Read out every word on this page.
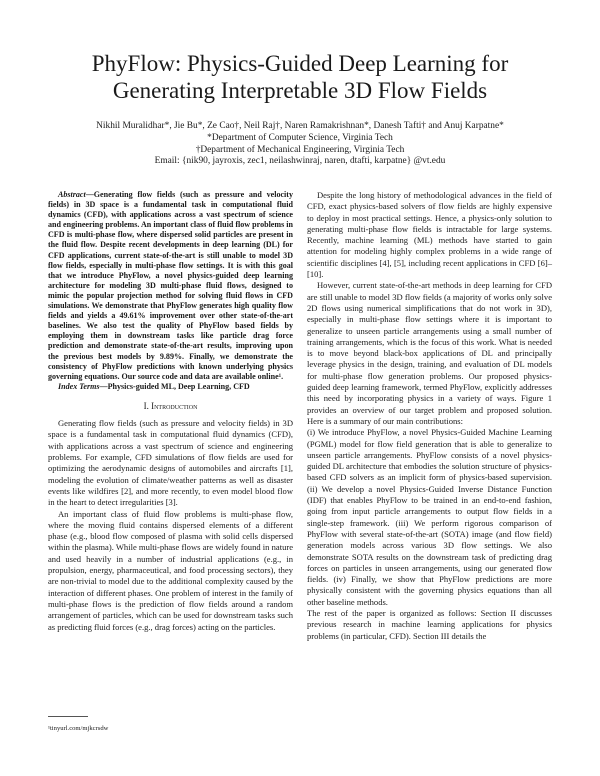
PhyFlow: Physics-Guided Deep Learning for
Generating Interpretable 3D Flow Fields
Nikhil Muralidhar*, Jie Bu*, Ze Cao†, Neil Raj†, Naren Ramakrishnan*, Danesh Tafti† and Anuj Karpatne*
*Department of Computer Science, Virginia Tech
†Department of Mechanical Engineering, Virginia Tech
Email: {nik90, jayroxis, zec1, neilashwinraj, naren, dtafti, karpatne} @vt.edu

Abstract—Generating flow fields (such as pressure and velocity fields) in 3D space is a fundamental task in computational fluid dynamics (CFD), with applications across a vast spectrum of science and engineering problems. An important class of fluid flow problems in CFD is multi-phase flow, where dispersed solid particles are present in the fluid flow. Despite recent developments in deep learning (DL) for CFD applications, current state-of-the-art is still unable to model 3D flow fields, especially in multi-phase flow settings. It is with this goal that we introduce PhyFlow, a novel physics-guided deep learning architecture for modeling 3D multi-phase fluid flows, designed to mimic the popular projection method for solving fluid flows in CFD simulations. We demonstrate that PhyFlow generates high quality flow fields and yields a 49.61% improvement over other state-of-the-art baselines. We also test the quality of PhyFlow based fields by employing them in downstream tasks like particle drag force prediction and demonstrate state-of-the-art results, improving upon the previous best models by 9.89%. Finally, we demonstrate the consistency of PhyFlow predictions with known underlying physics governing equations. Our source code and data are available online¹.

Index Terms—Physics-guided ML, Deep Learning, CFD

I. Introduction

Generating flow fields (such as pressure and velocity fields) in 3D space is a fundamental task in computational fluid dynamics (CFD), with applications across a vast spectrum of science and engineering problems. For example, CFD simulations of flow fields are used for optimizing the aerodynamic designs of automobiles and aircrafts [1], modeling the evolution of climate/weather patterns as well as disaster events like wildfires [2], and more recently, to even model blood flow in the heart to detect irregularities [3].

An important class of fluid flow problems is multi-phase flow, where the moving fluid contains dispersed elements of a different phase (e.g., blood flow composed of plasma with solid cells dispersed within the plasma). While multi-phase flows are widely found in nature and used heavily in a number of industrial applications (e.g., in propulsion, energy, pharmaceutical, and food processing sectors), they are non-trivial to model due to the additional complexity caused by the interaction of different phases. One problem of interest in the family of multi-phase flows is the prediction of flow fields around a random arrangement of particles, which can be used for downstream tasks such as predicting fluid forces (e.g., drag forces) acting on the particles.

¹tinyurl.com/mjkcrsdw

Despite the long history of methodological advances in the field of CFD, exact physics-based solvers of flow fields are highly expensive to deploy in most practical settings. Hence, a physics-only solution to generating multi-phase flow fields is intractable for large systems. Recently, machine learning (ML) methods have started to gain attention for modeling highly complex problems in a wide range of scientific disciplines [4], [5], including recent applications in CFD [6]–[10].

However, current state-of-the-art methods in deep learning for CFD are still unable to model 3D flow fields (a majority of works only solve 2D flows using numerical simplifications that do not work in 3D), especially in multi-phase flow settings where it is important to generalize to unseen particle arrangements using a small number of training arrangements, which is the focus of this work. What is needed is to move beyond black-box applications of DL and principally leverage physics in the design, training, and evaluation of DL models for multi-phase flow generation problems. Our proposed physics-guided deep learning framework, termed PhyFlow, explicitly addresses this need by incorporating physics in a variety of ways. Figure 1 provides an overview of our target problem and proposed solution. Here is a summary of our main contributions:

(i) We introduce PhyFlow, a novel Physics-Guided Machine Learning (PGML) model for flow field generation that is able to generalize to unseen particle arrangements. PhyFlow consists of a novel physics-guided DL architecture that embodies the solution structure of physics-based CFD solvers as an implicit form of physics-based supervision. (ii) We develop a novel Physics-Guided Inverse Distance Function (IDF) that enables PhyFlow to be trained in an end-to-end fashion, going from input particle arrangements to output flow fields in a single-step framework. (iii) We perform rigorous comparison of PhyFlow with several state-of-the-art (SOTA) image (and flow field) generation models across various 3D flow settings. We also demonstrate SOTA results on the downstream task of predicting drag forces on particles in unseen arrangements, using our generated flow fields. (iv) Finally, we show that PhyFlow predictions are more physically consistent with the governing physics equations than all other baseline methods.

The rest of the paper is organized as follows: Section II discusses previous research in machine learning applications for physics problems (in particular, CFD). Section III details the
